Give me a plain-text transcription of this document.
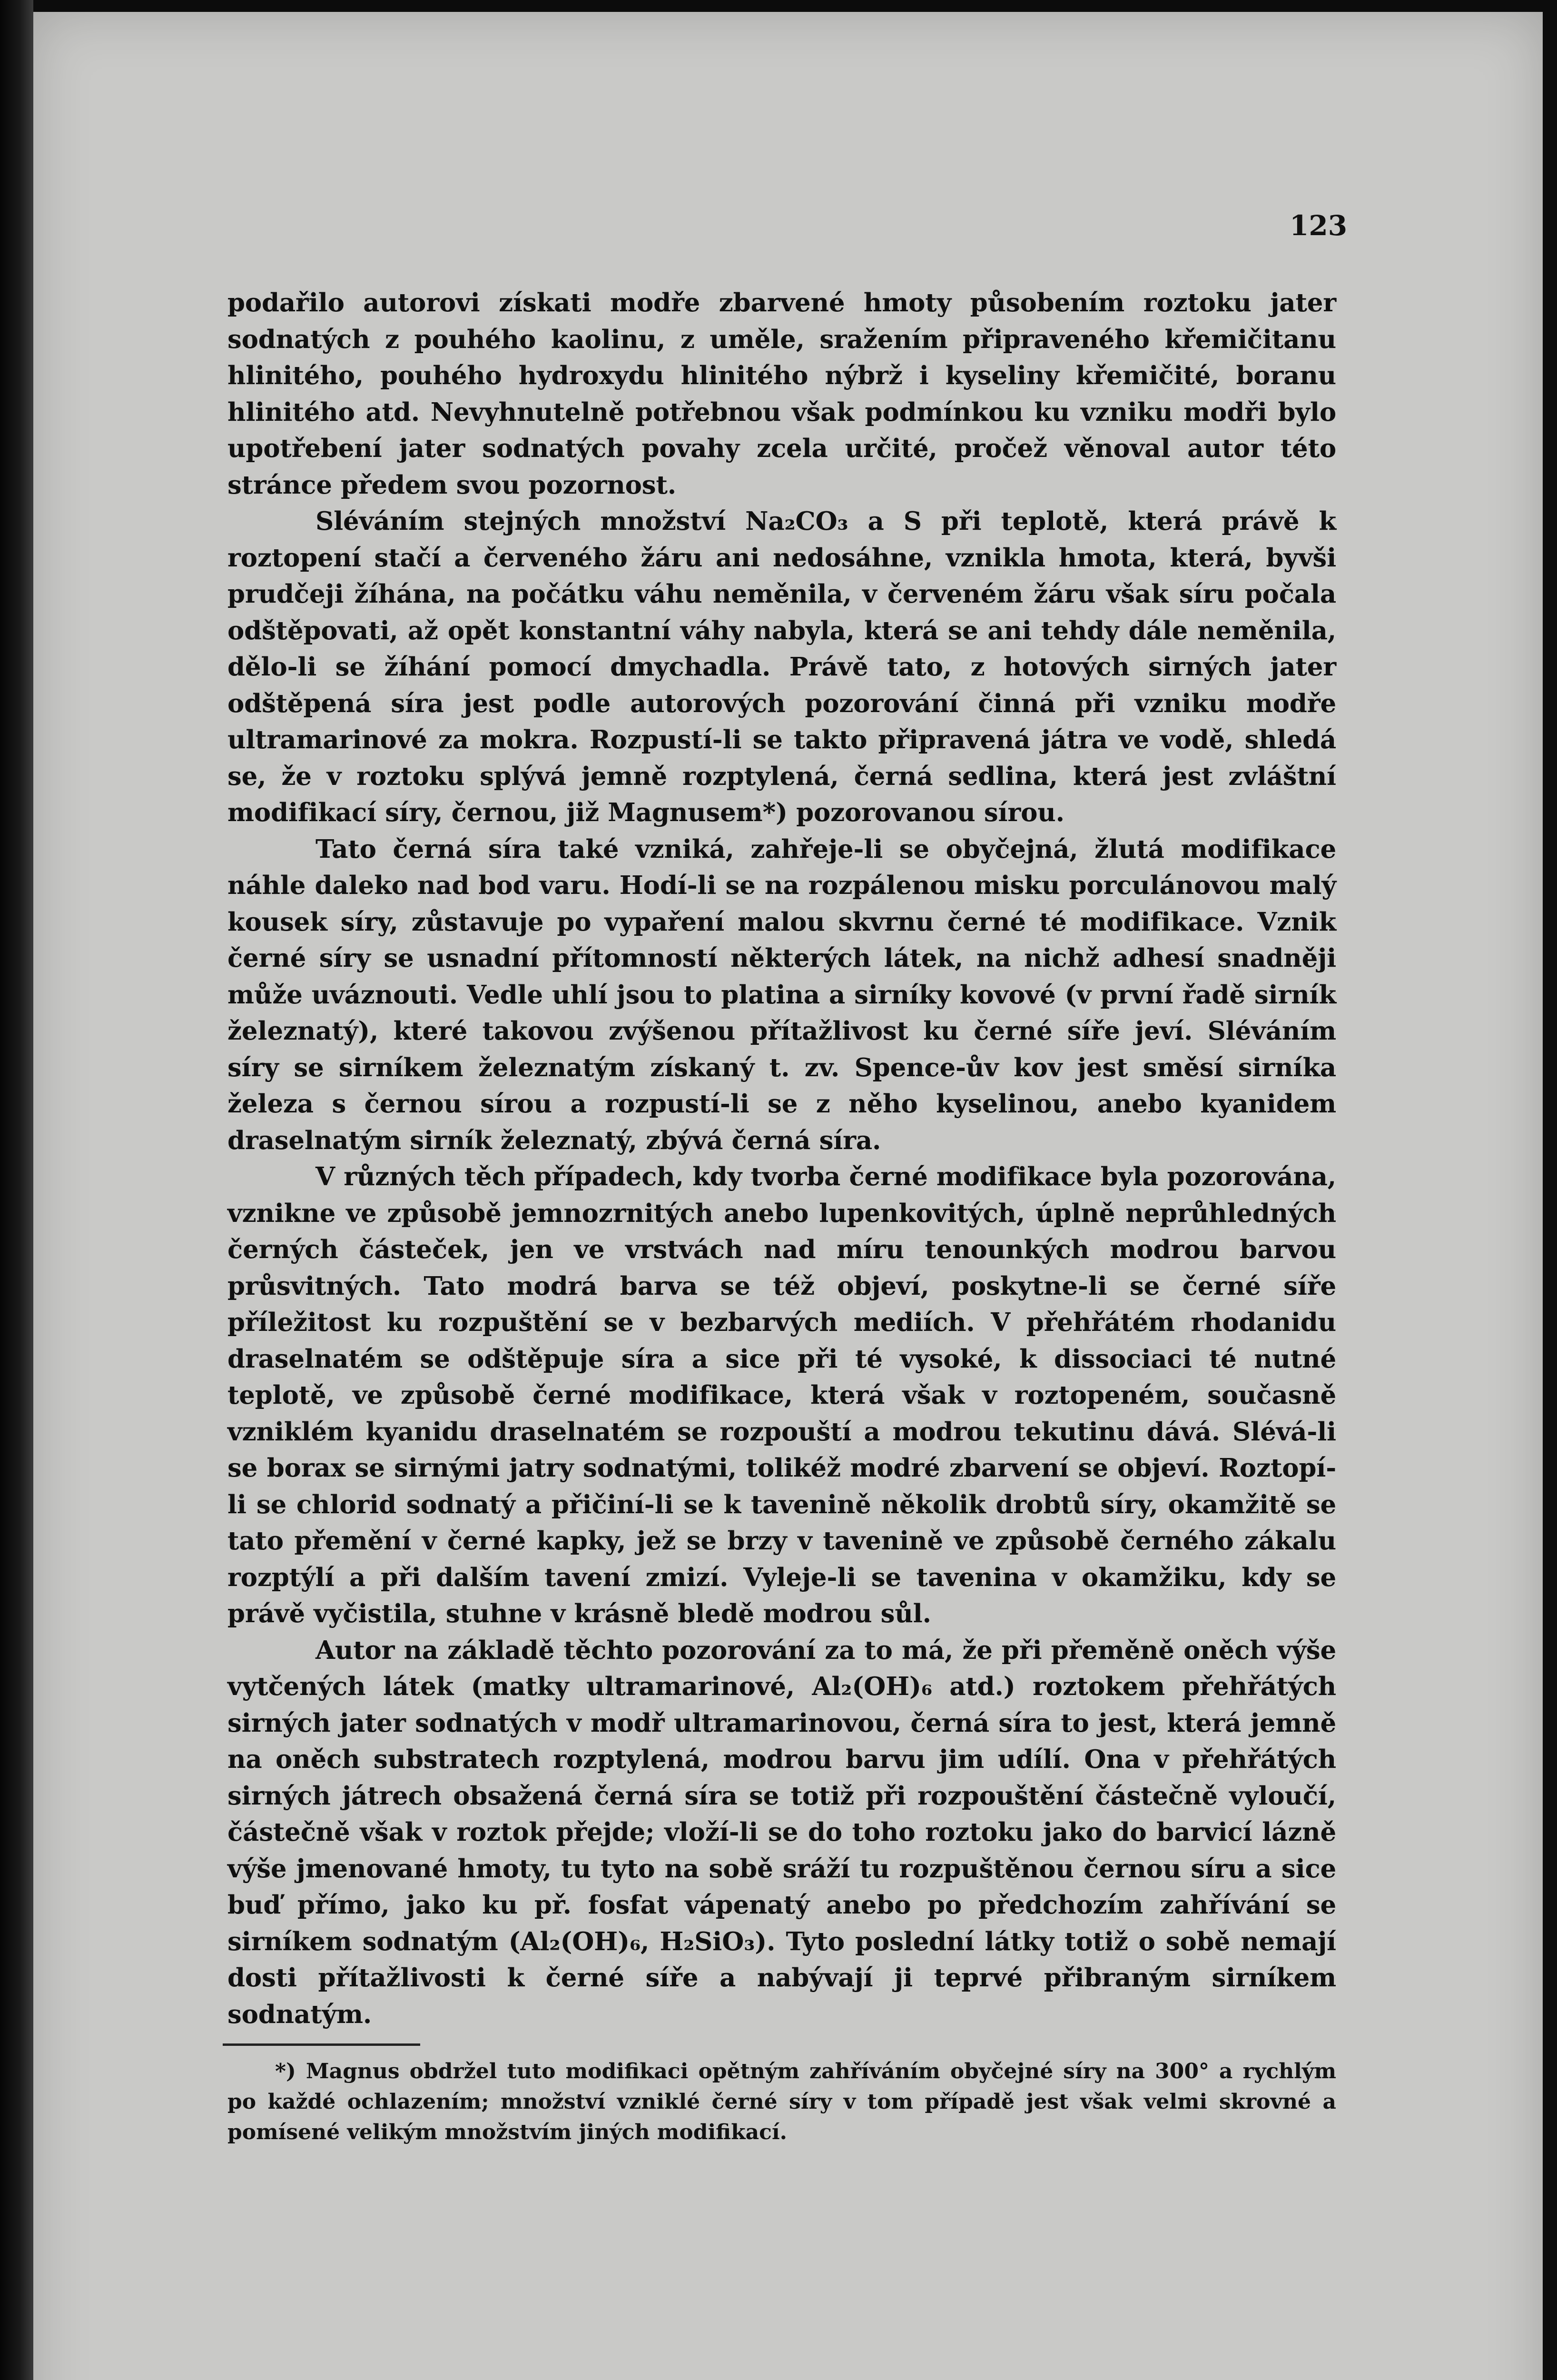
123

podařilo autorovi získati modře zbarvené hmoty působením roztoku jater sodnatých z pouhého kaolinu, z uměle, sražením připraveného křemičitanu hlinitého, pouhého hydroxydu hlinitého nýbrž i kyseliny křemičité, boranu hlinitého atd. Nevyhnutelně potřebnou však podmínkou ku vzniku modři bylo upotřebení jater sodnatých povahy zcela určité, pročež věnoval autor této stránce předem svou pozornost.

Sléváním stejných množství Na₂CO₃ a S při teplotě, která právě k roztopení stačí a červeného žáru ani nedosáhne, vznikla hmota, která, byvši prudčeji žíhána, na počátku váhu neměnila, v červeném žáru však síru počala odštěpovati, až opět konstantní váhy nabyla, která se ani tehdy dále neměnila, dělo-li se žíhání pomocí dmychadla. Právě tato, z hotových sirných jater odštěpená síra jest podle autorových pozorování činná při vzniku modře ultramarinové za mokra. Rozpustí-li se takto připravená játra ve vodě, shledá se, že v roztoku splývá jemně rozptylená, černá sedlina, která jest zvláštní modifikací síry, černou, již Magnusem*) pozorovanou sírou.

Tato černá síra také vzniká, zahřeje-li se obyčejná, žlutá modifikace náhle daleko nad bod varu. Hodí-li se na rozpálenou misku porculánovou malý kousek síry, zůstavuje po vypaření malou skvrnu černé té modifikace. Vznik černé síry se usnadní přítomností některých látek, na nichž adhesí snadněji může uváznouti. Vedle uhlí jsou to platina a sirníky kovové (v první řadě sirník železnatý), které takovou zvýšenou přítažlivost ku černé síře jeví. Sléváním síry se sirníkem železnatým získaný t. zv. Spence-ův kov jest směsí sirníka železa s černou sírou a rozpustí-li se z něho kyselinou, anebo kyanidem draselnatým sirník železnatý, zbývá černá síra.

V různých těch případech, kdy tvorba černé modifikace byla pozorována, vznikne ve způsobě jemnozrnitých anebo lupenkovitých, úplně neprůhledných černých částeček, jen ve vrstvách nad míru tenounkých modrou barvou průsvitných. Tato modrá barva se též objeví, poskytne-li se černé síře příležitost ku rozpuštění se v bezbarvých mediích. V přehřátém rhodanidu draselnatém se odštěpuje síra a sice při té vysoké, k dissociaci té nutné teplotě, ve způsobě černé modifikace, která však v roztopeném, současně vzniklém kyanidu draselnatém se rozpouští a modrou tekutinu dává. Slévá-li se borax se sirnými jatry sodnatými, tolikéž modré zbarvení se objeví. Roztopí-li se chlorid sodnatý a přičiní-li se k tavenině několik drobtů síry, okamžitě se tato přemění v černé kapky, jež se brzy v tavenině ve způsobě černého zákalu rozptýlí a při dalším tavení zmizí. Vyleje-li se tavenina v okamžiku, kdy se právě vyčistila, stuhne v krásně bledě modrou sůl.

Autor na základě těchto pozorování za to má, že při přeměně oněch výše vytčených látek (matky ultramarinové, Al₂(OH)₆ atd.) roztokem přehřátých sirných jater sodnatých v modř ultramarinovou, černá síra to jest, která jemně na oněch substratech rozptylená, modrou barvu jim udílí. Ona v přehřátých sirných játrech obsažená černá síra se totiž při rozpouštění částečně vyloučí, částečně však v roztok přejde; vloží-li se do toho roztoku jako do barvicí lázně výše jmenované hmoty, tu tyto na sobě sráží tu rozpuštěnou černou síru a sice buď přímo, jako ku př. fosfat vápenatý anebo po předchozím zahřívání se sirníkem sodnatým (Al₂(OH)₆, H₂SiO₃). Tyto poslední látky totiž o sobě nemají dosti přítažlivosti k černé síře a nabývají ji teprvé přibraným sirníkem sodnatým.

*) Magnus obdržel tuto modifikaci opětným zahříváním obyčejné síry na 300° a rychlým po každé ochlazením; množství vzniklé černé síry v tom případě jest však velmi skrovné a pomísené velikým množstvím jiných modifikací.
